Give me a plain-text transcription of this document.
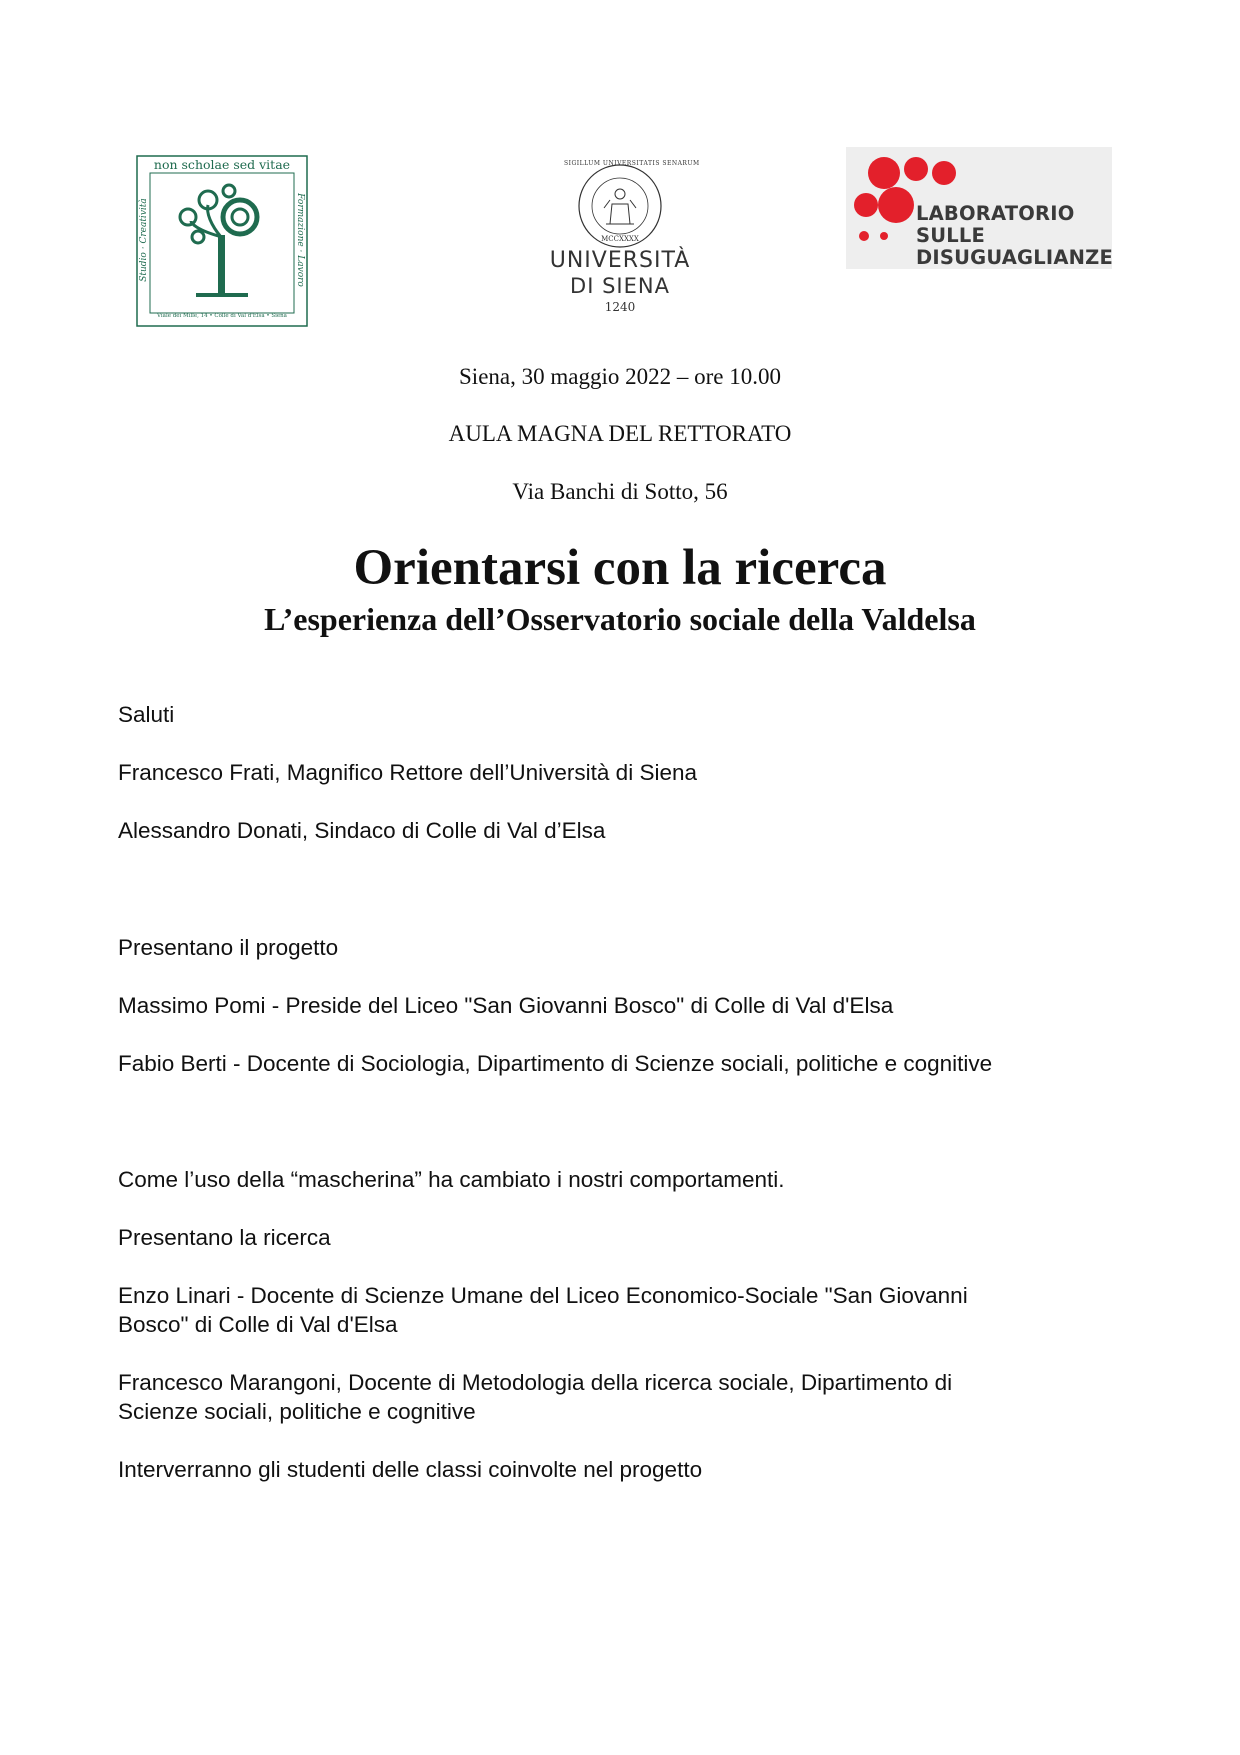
non scholae sed vitae
Studio · Creatività	Formazione · Lavoro
Viale dei Mille, 14 • Colle di Val d'Elsa • Siena
SIGILLUM UNIVERSITATIS SENARUM
MCCXXXX
UNIVERSITÀ
DI SIENA
1240
LABORATORIO
SULLE
DISUGUAGLIANZE
Siena, 30 maggio 2022 – ore 10.00
AULA MAGNA DEL RETTORATO
Via Banchi di Sotto, 56
Orientarsi con la ricerca
L’esperienza dell’Osservatorio sociale della Valdelsa
Saluti
Francesco Frati, Magnifico Rettore dell’Università di Siena
Alessandro Donati, Sindaco di Colle di Val d’Elsa
Presentano il progetto
Massimo Pomi - Preside del Liceo "San Giovanni Bosco" di Colle di Val d'Elsa
Fabio Berti - Docente di Sociologia, Dipartimento di Scienze sociali, politiche e cognitive
Come l’uso della “mascherina” ha cambiato i nostri comportamenti.
Presentano la ricerca
Enzo Linari - Docente di Scienze Umane del Liceo Economico-Sociale "San Giovanni
Bosco" di Colle di Val d'Elsa
Francesco Marangoni, Docente di Metodologia della ricerca sociale, Dipartimento di
Scienze sociali, politiche e cognitive
Interverranno gli studenti delle classi coinvolte nel progetto
